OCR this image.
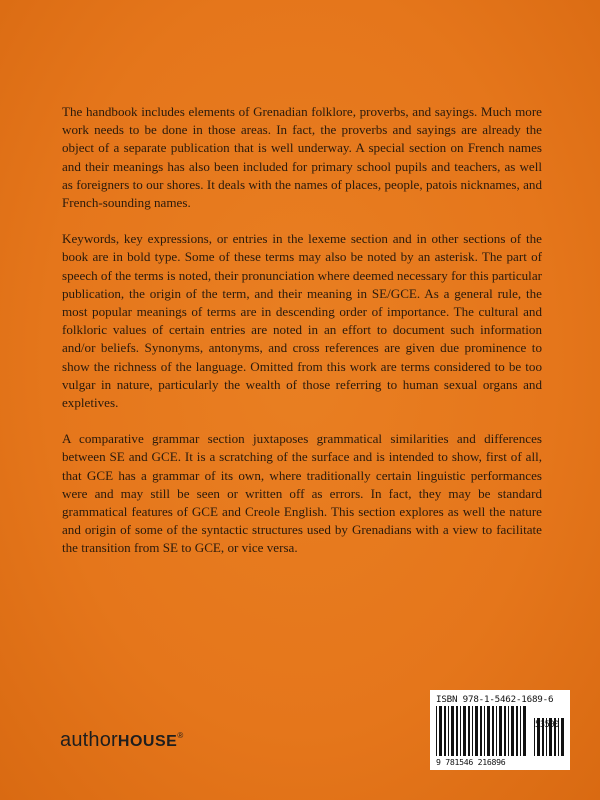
The handbook includes elements of Grenadian folklore, proverbs, and sayings. Much more work needs to be done in those areas. In fact, the proverbs and sayings are already the object of a separate publication that is well underway. A special section on French names and their meanings has also been included for primary school pupils and teachers, as well as foreigners to our shores. It deals with the names of places, people, patois nicknames, and French-sounding names.

Keywords, key expressions, or entries in the lexeme section and in other sections of the book are in bold type. Some of these terms may also be noted by an asterisk. The part of speech of the terms is noted, their pronunciation where deemed necessary for this particular publication, the origin of the term, and their meaning in SE/GCE. As a general rule, the most popular meanings of terms are in descending order of importance. The cultural and folkloric values of certain entries are noted in an effort to document such information and/or beliefs. Synonyms, antonyms, and cross references are given due prominence to show the richness of the language. Omitted from this work are terms considered to be too vulgar in nature, particularly the wealth of those referring to human sexual organs and expletives.

A comparative grammar section juxtaposes grammatical similarities and differences between SE and GCE. It is a scratching of the surface and is intended to show, first of all, that GCE has a grammar of its own, where traditionally certain linguistic performances were and may still be seen or written off as errors. In fact, they may be standard grammatical features of GCE and Creole English. This section explores as well the nature and origin of some of the syntactic structures used by Grenadians with a view to facilitate the transition from SE to GCE, or vice versa.

authorHOUSE®
ISBN 978-1-5462-1689-6
53500
9 781546 216896
